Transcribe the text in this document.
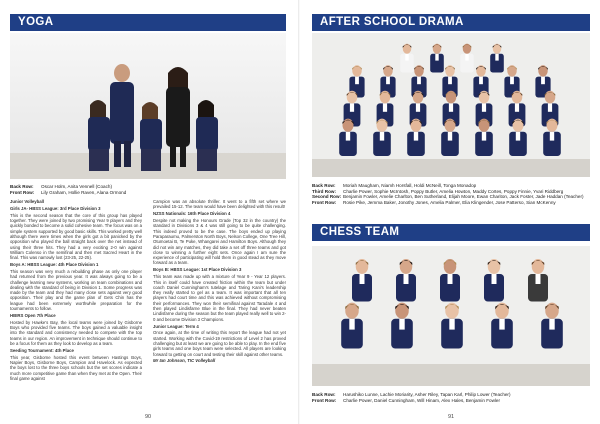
YOGA
Back Row: Oscar Holm, Anita Vennell (Coach)
Front Row: Lily Graham, Hollie Raven, Alana Ormond

Junior Volleyball

Girls JA- HBSS League: 3rd Place Division 3

This is the second season that the core of this group has played together. They were joined by two promising Year 9 players and they quickly bonded to become a solid cohesive team. The focus was on a simple system supported by good basic skills. This worked pretty well although there were times when the girls got a bit panicked by the opposition who played the ball straight back over the net instead of using their three hits. They had a very exciting 2-0 win against William Colenso in the semifinal and then met Sacred Heart in the final. This was narrowly lost (23-25, 22-25).

Boys A: HBSS League: 4th Place Division 1

This season was very much a rebuilding phase as only one player had returned from the previous year. It was always going to be a challenge learning new systems, working on team combinations and dealing with the standard of being in Division 1. Some progress was made by the team and they had many close sets against very good opposition. Their play and the game plan of Gets Chin has the league had been extremely worthwhile preparation for the tournaments to follow.

HBIRS Open 7th Place

Hosted by Hawke's Bay, the local teams were joined by Gisborne Boys who provided five teams. The boys gained a valuable insight into the standard and consistency needed to compete with the top teams in our region. An improvement in technique should continue to be a focus for them as they look to develop as a team.

Seeding Tournament: 4th Place

This year, Gisborne hosted this event between Hastings Boys, Napier Boys, Gisborne Boys, Campion and Havelock. As expected the boys lost to the three boys schools but the set scores indicate a much more competitive game than when they met at the Open. Their final game against

Campion was an absolute thriller. It went to a fifth set where we prevailed 15-12. The team would have been delighted with this result!

NZSS Nationals: 16th Place Division 4

Despite not making the Honours Grade (Top 32 in the country) the standard in Divisions 3 & 4 was still going to be quite challenging. This indeed proved to be the case. The boys ended up playing Paraparaumu, Palmerston North Boys, Nelson College, One Tree Hill, Otumoetai B, Te Puke, Whangarei and Hamilton Boys. Although they did not win any matches, they did take a set off three teams and got close to winning a further eight sets. Once again I am sure the experience of participating will hold them in good stead as they move forward as a team.

Boys B: HBSS League: 1st Place Division 3

This team was made up with a mixture of Year 9 - Year 12 players. This in itself could have created friction within the team but under coach Daniel Cunningham's tutelage and Taring Kani's leadership they really started to gel as a team. It was important that all ten players had court time and this was achieved without compromising their performances. They won their semifinal against Taradale 4 and then played Lindisfarne Blue in the final. They had never beaten Lindisfarne during the season but the team played really well to win 2-0 and become Division 3 Champions.

Junior League: Term 4

Once again, at the time of writing this report the league had not yet started. Working with the Covid-19 restrictions of Level 2 has proved challenging but at least we are going to be able to play. In the end five girls teams and one boys team were selected. All players are looking forward to getting on court and testing their skill against other teams.

Mr Ian Johnson, TIC Volleyball

90
AFTER SCHOOL DRAMA
Back Row: Moriah Maugham, Niamh Horsfall, Holdi McNeill, Tonga Monadop
Third Row: Charlie Power, Sophie McIntosh, Poppy Butler, Amelia Howton, Maddy Cortes, Poppy Finnie, Yvari Riddberg
Second Row: Benjamin Fowler, Amelie Charlton, Ben Sutherland, Elijah Moore, Ewan Chariton, Jack Foster, Jade Haddan (Teacher)
Front Row: Rosie Pike, Jemma Baker, Jonothy Jones, Amelia Palmer, Elia Klingender, Jose Patterso, Sian McKenny
CHESS TEAM
Back Row: Harushiko Lunne, Lachie Moriarity, Asher Riley, Tapan Karl, Philip Lower (Teacher)
Front Row: Charlie Power, Daniel Cunningham, Will Hinam, Alex Hales, Benjamin Fowler
91
